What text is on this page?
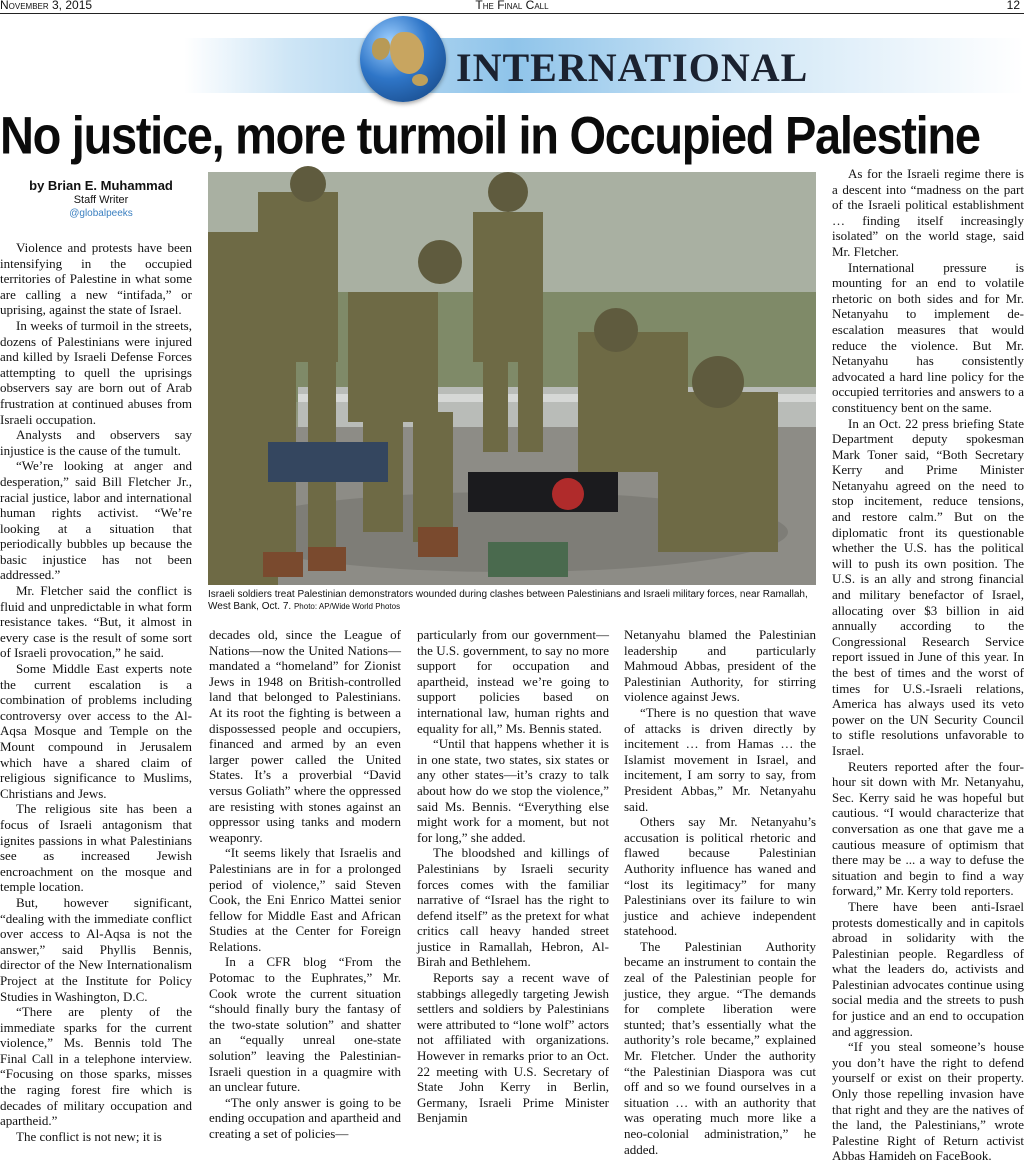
November 3, 2015	The Final Call	12
INTERNATIONAL
No justice, more turmoil in Occupied Palestine
by Brian E. Muhammad
Staff Writer
@globalpeeks

Violence and protests have been intensifying in the occupied territories of Palestine in what some are calling a new “intifada,” or uprising, against the state of Israel.

In weeks of turmoil in the streets, dozens of Palestinians were injured and killed by Israeli Defense Forces attempting to quell the uprisings observers say are born out of Arab frustration at continued abuses from Israeli occupation.

Analysts and observers say injustice is the cause of the tumult.

“We’re looking at anger and desperation,” said Bill Fletcher Jr., racial justice, labor and international human rights activist. “We’re looking at a situation that periodically bubbles up because the basic injustice has not been addressed.”

Mr. Fletcher said the conflict is fluid and unpredictable in what form resistance takes. “But, it almost in every case is the result of some sort of Israeli provocation,” he said.

Some Middle East experts note the current escalation is a combination of problems including controversy over access to the Al-Aqsa Mosque and Temple on the Mount compound in Jerusalem which have a shared claim of religious significance to Muslims, Christians and Jews.

The religious site has been a focus of Israeli antagonism that ignites passions in what Palestinians see as increased Jewish encroachment on the mosque and temple location.

But, however significant, “dealing with the immediate conflict over access to Al-Aqsa is not the answer,” said Phyllis Bennis, director of the New Internationalism Project at the Institute for Policy Studies in Washington, D.C.

“There are plenty of the immediate sparks for the current violence,” Ms. Bennis told The Final Call in a telephone interview. “Focusing on those sparks, misses the raging forest fire which is decades of military occupation and apartheid.”

The conflict is not new; it is

Israeli soldiers treat Palestinian demonstrators wounded during clashes between Palestinians and Israeli military forces, near Ramallah, West Bank, Oct. 7. Photo: AP/Wide World Photos

decades old, since the League of Nations—now the United Nations—mandated a “homeland” for Zionist Jews in 1948 on British-controlled land that belonged to Palestinians. At its root the fighting is between a dispossessed people and occupiers, financed and armed by an even larger power called the United States. It’s a proverbial “David versus Goliath” where the oppressed are resisting with stones against an oppressor using tanks and modern weaponry.

“It seems likely that Israelis and Palestinians are in for a prolonged period of violence,” said Steven Cook, the Eni Enrico Mattei senior fellow for Middle East and African Studies at the Center for Foreign Relations.

In a CFR blog “From the Potomac to the Euphrates,” Mr. Cook wrote the current situation “should finally bury the fantasy of the two-state solution” and shatter an “equally unreal one-state solution” leaving the Palestinian-Israeli question in a quagmire with an unclear future.

“The only answer is going to be ending occupation and apartheid and creating a set of policies—

particularly from our government—the U.S. government, to say no more support for occupation and apartheid, instead we’re going to support policies based on international law, human rights and equality for all,” Ms. Bennis stated.

“Until that happens whether it is in one state, two states, six states or any other states—it’s crazy to talk about how do we stop the violence,” said Ms. Bennis. “Everything else might work for a moment, but not for long,” she added.

The bloodshed and killings of Palestinians by Israeli security forces comes with the familiar narrative of “Israel has the right to defend itself” as the pretext for what critics call heavy handed street justice in Ramallah, Hebron, Al-Birah and Bethlehem.

Reports say a recent wave of stabbings allegedly targeting Jewish settlers and soldiers by Palestinians were attributed to “lone wolf” actors not affiliated with organizations. However in remarks prior to an Oct. 22 meeting with U.S. Secretary of State John Kerry in Berlin, Germany, Israeli Prime Minister Benjamin

Netanyahu blamed the Palestinian leadership and particularly Mahmoud Abbas, president of the Palestinian Authority, for stirring violence against Jews.

“There is no question that wave of attacks is driven directly by incitement … from Hamas … the Islamist movement in Israel, and incitement, I am sorry to say, from President Abbas,” Mr. Netanyahu said.

Others say Mr. Netanyahu’s accusation is political rhetoric and flawed because Palestinian Authority influence has waned and “lost its legitimacy” for many Palestinians over its failure to win justice and achieve independent statehood.

The Palestinian Authority became an instrument to contain the zeal of the Palestinian people for justice, they argue. “The demands for complete liberation were stunted; that’s essentially what the authority’s role became,” explained Mr. Fletcher. Under the authority “the Palestinian Diaspora was cut off and so we found ourselves in a situation … with an authority that was operating much more like a neo-colonial administration,” he added.

As for the Israeli regime there is a descent into “madness on the part of the Israeli political establishment … finding itself increasingly isolated” on the world stage, said Mr. Fletcher.

International pressure is mounting for an end to volatile rhetoric on both sides and for Mr. Netanyahu to implement de-escalation measures that would reduce the violence. But Mr. Netanyahu has consistently advocated a hard line policy for the occupied territories and answers to a constituency bent on the same.

In an Oct. 22 press briefing State Department deputy spokesman Mark Toner said, “Both Secretary Kerry and Prime Minister Netanyahu agreed on the need to stop incitement, reduce tensions, and restore calm.” But on the diplomatic front its questionable whether the U.S. has the political will to push its own position. The U.S. is an ally and strong financial and military benefactor of Israel, allocating over $3 billion in aid annually according to the Congressional Research Service report issued in June of this year. In the best of times and the worst of times for U.S.-Israeli relations, America has always used its veto power on the UN Security Council to stifle resolutions unfavorable to Israel.

Reuters reported after the four-hour sit down with Mr. Netanyahu, Sec. Kerry said he was hopeful but cautious. “I would characterize that conversation as one that gave me a cautious measure of optimism that there may be ... a way to defuse the situation and begin to find a way forward,” Mr. Kerry told reporters.

There have been anti-Israel protests domestically and in capitols abroad in solidarity with the Palestinian people. Regardless of what the leaders do, activists and Palestinian advocates continue using social media and the streets to push for justice and an end to occupation and aggression.

“If you steal someone’s house you don’t have the right to defend yourself or exist on their property. Only those repelling invasion have that right and they are the natives of the land, the Palestinians,” wrote Palestine Right of Return activist Abbas Hamideh on FaceBook.
